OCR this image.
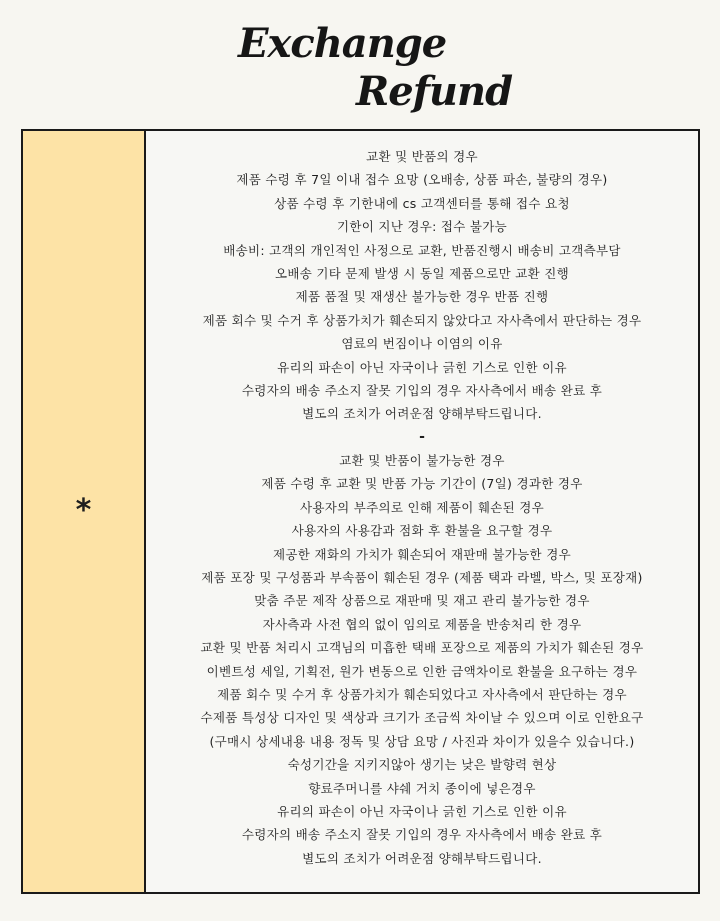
Exchange
Refund
*
교환 및 반품의 경우
제품 수령 후 7일 이내 접수 요망 (오배송, 상품 파손, 불량의 경우)
상품 수령 후 기한내에 cs 고객센터를 통해 접수 요청
기한이 지난 경우: 접수 불가능
배송비: 고객의 개인적인 사정으로 교환, 반품진행시 배송비 고객측부담
오배송 기타 문제 발생 시 동일 제품으로만 교환 진행
제품 품절 및 재생산 불가능한 경우 반품 진행
제품 회수 및 수거 후 상품가치가 훼손되지 않았다고 자사측에서 판단하는 경우
염료의 번짐이나 이염의 이유
유리의 파손이 아닌 자국이나 긁힌 기스로 인한 이유
수령자의 배송 주소지 잘못 기입의 경우 자사측에서 배송 완료 후
별도의 조치가 어려운점 양해부탁드립니다.
-
교환 및 반품이 불가능한 경우
제품 수령 후 교환 및 반품 가능 기간이 (7일) 경과한 경우
사용자의 부주의로 인해 제품이 훼손된 경우
사용자의 사용감과 점화 후 환불을 요구할 경우
제공한 재화의 가치가 훼손되어 재판매 불가능한 경우
제품 포장 및 구성품과 부속품이 훼손된 경우 (제품 택과 라벨, 박스, 및 포장재)
맞춤 주문 제작 상품으로 재판매 및 재고 관리 불가능한 경우
자사측과 사전 협의 없이 임의로 제품을 반송처리 한 경우
교환 및 반품 처리시 고객님의 미흡한 택배 포장으로 제품의 가치가 훼손된 경우
이벤트성 세일, 기획전, 원가 변동으로 인한 금액차이로 환불을 요구하는 경우
제품 회수 및 수거 후 상품가치가 훼손되었다고 자사측에서 판단하는 경우
수제품 특성상 디자인 및 색상과 크기가 조금씩 차이날 수 있으며 이로 인한요구
(구매시 상세내용 내용 정독 및 상담 요망 / 사진과 차이가 있을수 있습니다.)
숙성기간을 지키지않아 생기는 낮은 발향력 현상
향료주머니를 샤쉐 거치 종이에 넣은경우
유리의 파손이 아닌 자국이나 긁힌 기스로 인한 이유
수령자의 배송 주소지 잘못 기입의 경우 자사측에서 배송 완료 후
별도의 조치가 어려운점 양해부탁드립니다.
